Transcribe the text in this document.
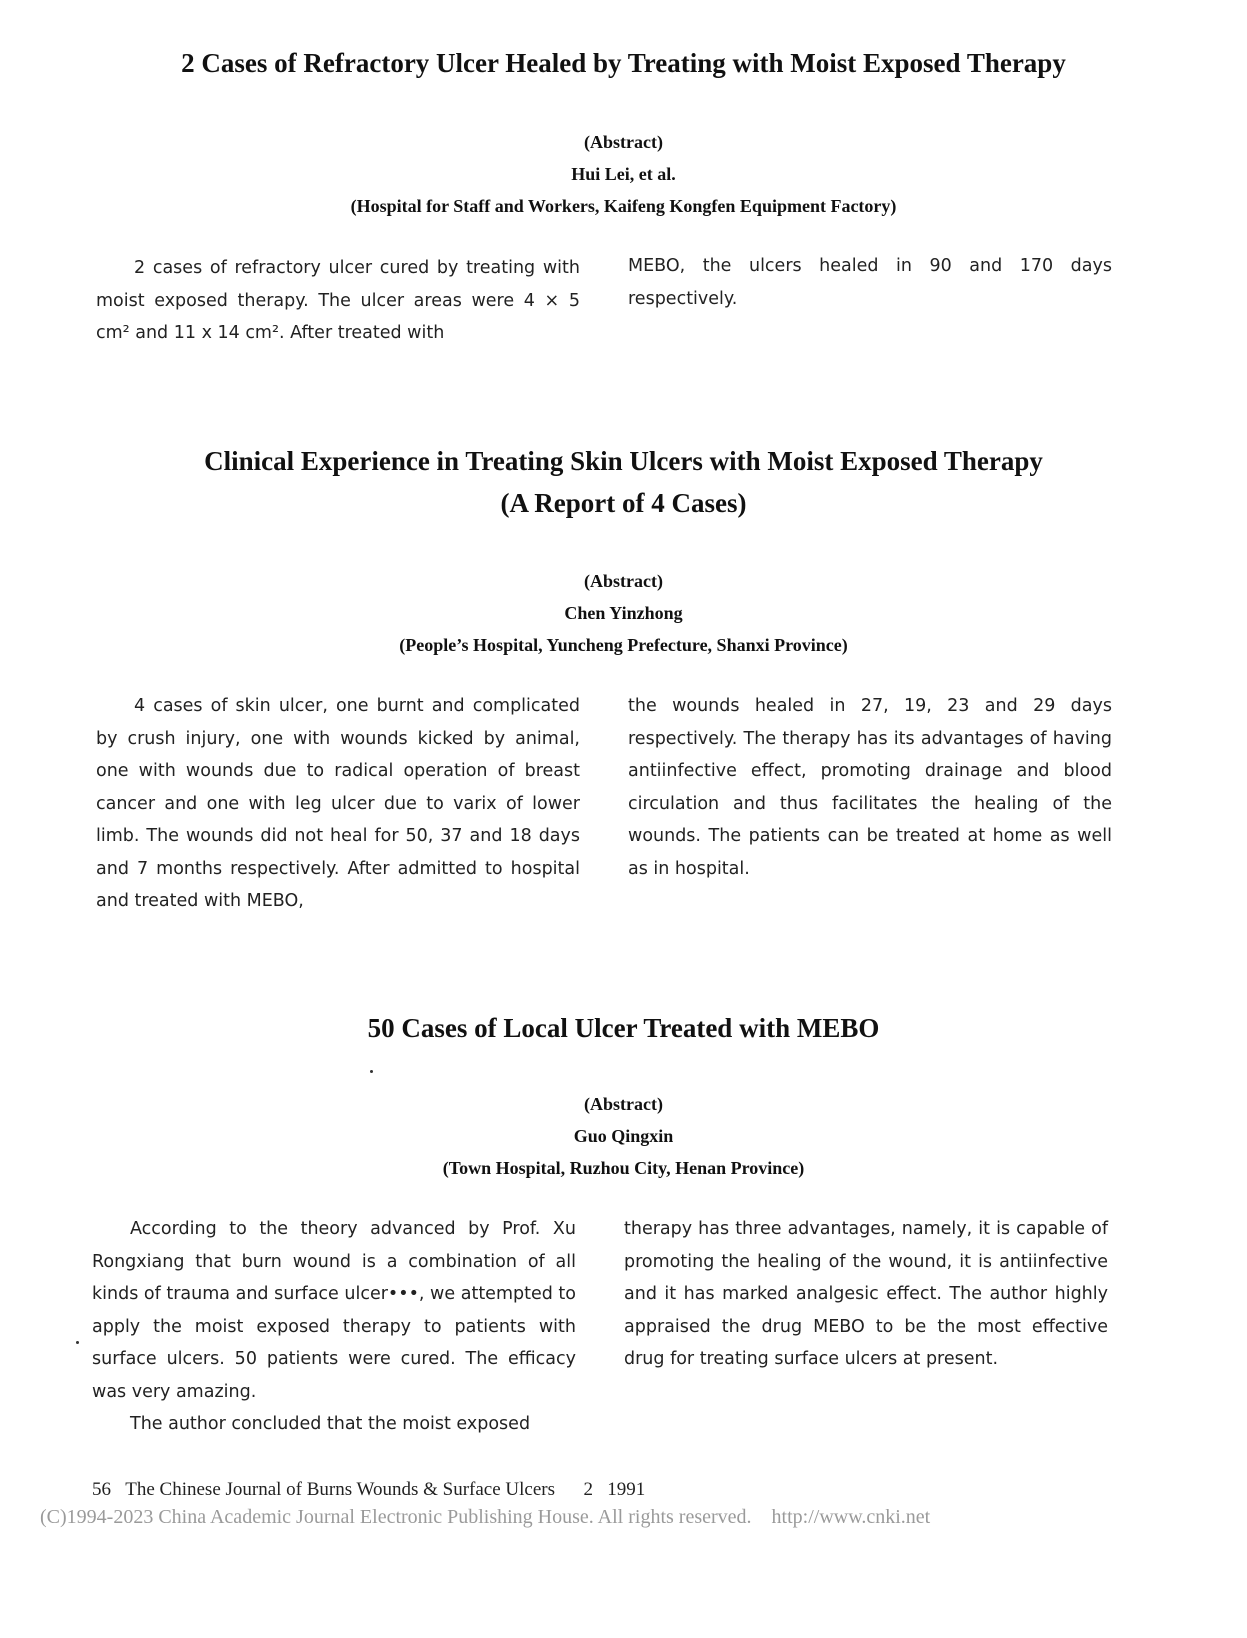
2 Cases of Refractory Ulcer Healed by Treating with Moist Exposed Therapy
(Abstract)
Hui Lei, et al.
(Hospital for Staff and Workers, Kaifeng Kongfen Equipment Factory)

2 cases of refractory ulcer cured by treating with moist exposed therapy. The ulcer areas were 4 × 5 cm² and 11 x 14 cm². After treated with

MEBO, the ulcers healed in 90 and 170 days respectively.

Clinical Experience in Treating Skin Ulcers with Moist Exposed Therapy
(A Report of 4 Cases)
(Abstract)
Chen Yinzhong
(People’s Hospital, Yuncheng Prefecture, Shanxi Province)

4 cases of skin ulcer, one burnt and complicated by crush injury, one with wounds kicked by animal, one with wounds due to radical operation of breast cancer and one with leg ulcer due to varix of lower limb. The wounds did not heal for 50, 37 and 18 days and 7 months respectively. After admitted to hospital and treated with MEBO,

the wounds healed in 27, 19, 23 and 29 days respectively. The therapy has its advantages of having antiinfective effect, promoting drainage and blood circulation and thus facilitates the healing of the wounds. The patients can be treated at home as well as in hospital.

50 Cases of Local Ulcer Treated with MEBO
(Abstract)
Guo Qingxin
(Town Hospital, Ruzhou City, Henan Province)

According to the theory advanced by Prof. Xu Rongxiang that burn wound is a combination of all kinds of trauma and surface ulcer•••, we attempted to apply the moist exposed therapy to patients with surface ulcers. 50 patients were cured. The efficacy was very amazing.

The author concluded that the moist exposed

therapy has three advantages, namely, it is capable of promoting the healing of the wound, it is antiinfective and it has marked analgesic effect. The author highly appraised the drug MEBO to be the most effective drug for treating surface ulcers at present.

56 The Chinese Journal of Burns Wounds & Surface Ulcers 2 1991
(C)1994-2023 China Academic Journal Electronic Publishing House. All rights reserved. http://www.cnki.net
